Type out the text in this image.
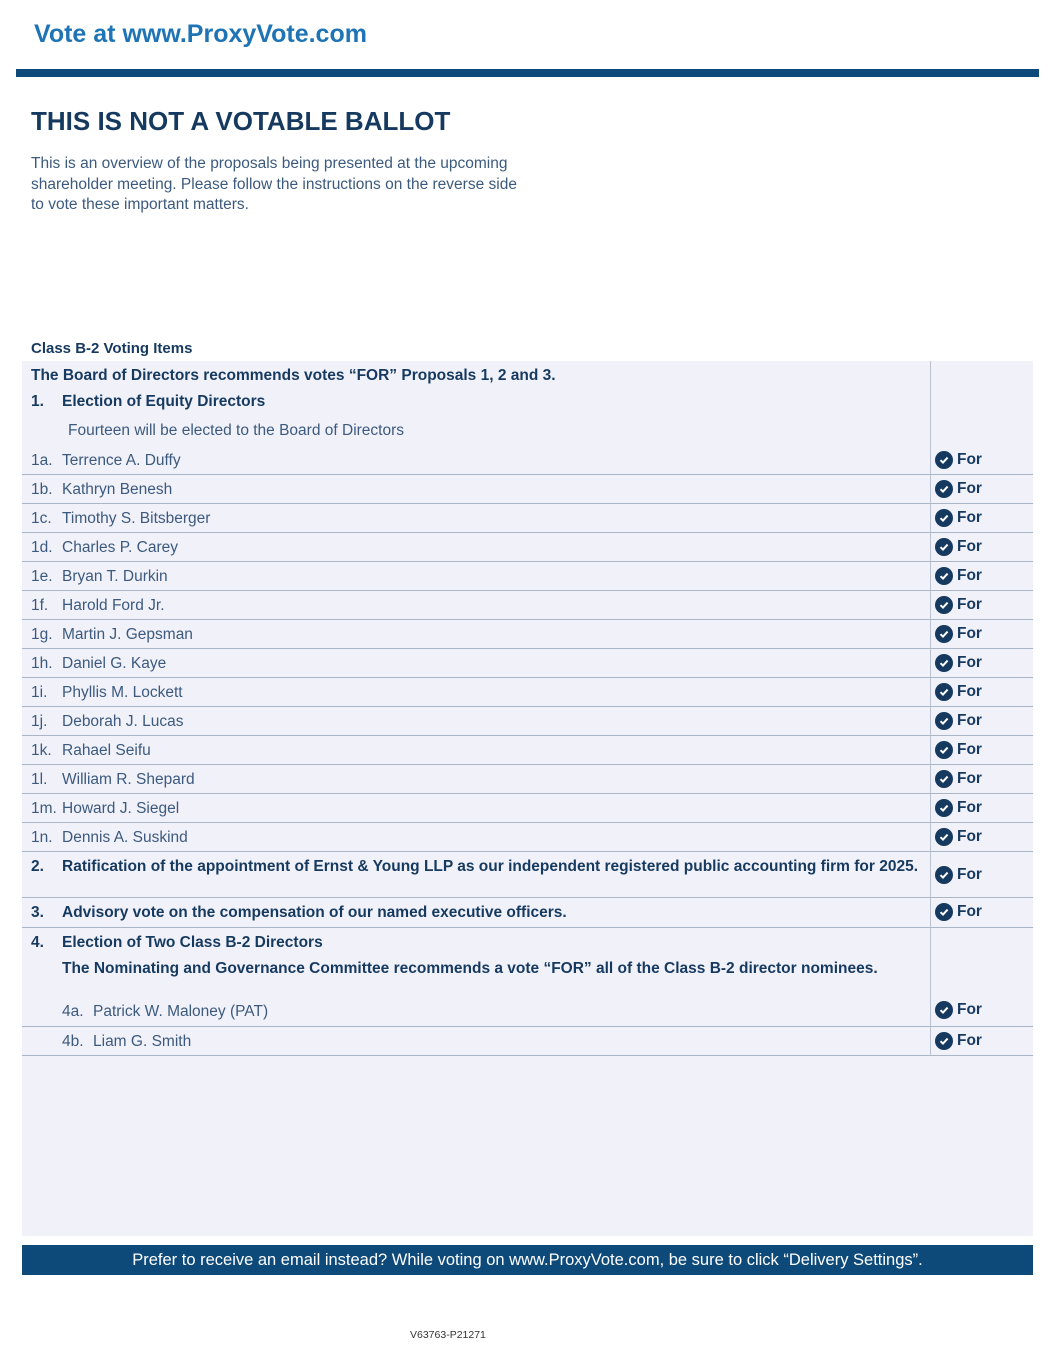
Vote at www.ProxyVote.com
THIS IS NOT A VOTABLE BALLOT
This is an overview of the proposals being presented at the upcoming shareholder meeting. Please follow the instructions on the reverse side to vote these important matters.
Class B-2 Voting Items
The Board of Directors recommends votes “FOR” Proposals 1, 2 and 3.
1. Election of Equity Directors
Fourteen will be elected to the Board of Directors
1a. Terrence A. Duffy	For
1b. Kathryn Benesh	For
1c. Timothy S. Bitsberger	For
1d. Charles P. Carey	For
1e. Bryan T. Durkin	For
1f. Harold Ford Jr.	For
1g. Martin J. Gepsman	For
1h. Daniel G. Kaye	For
1i. Phyllis M. Lockett	For
1j. Deborah J. Lucas	For
1k. Rahael Seifu	For
1l. William R. Shepard	For
1m. Howard J. Siegel	For
1n. Dennis A. Suskind	For
2. Ratification of the appointment of Ernst & Young LLP as our independent registered public accounting firm for 2025.	For
3. Advisory vote on the compensation of our named executive officers.	For
4. Election of Two Class B-2 Directors
The Nominating and Governance Committee recommends a vote “FOR” all of the Class B-2 director nominees.
4a. Patrick W. Maloney (PAT)	For
4b. Liam G. Smith	For
Prefer to receive an email instead? While voting on www.ProxyVote.com, be sure to click “Delivery Settings”.
V63763-P21271
